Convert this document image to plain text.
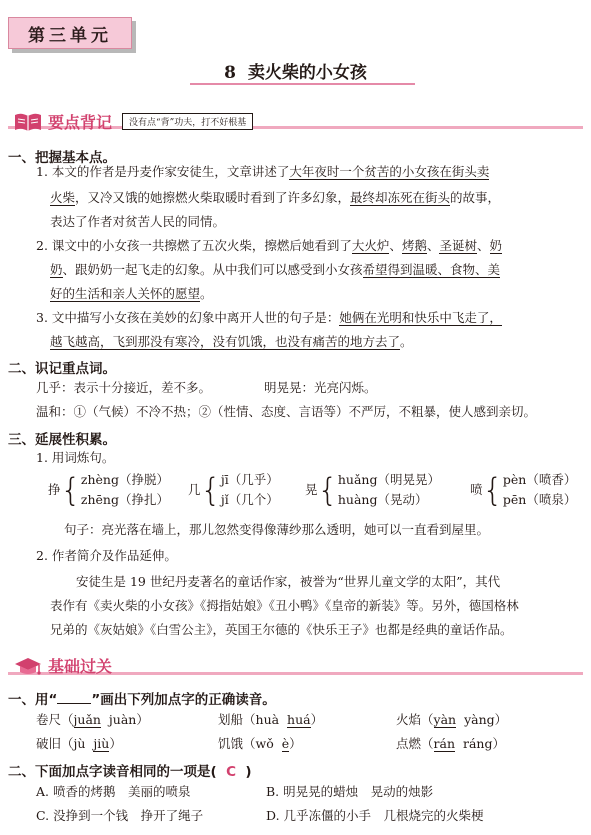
第三单元
8 卖火柴的小女孩
要点背记	没有点“背”功夫，打不好根基
一、把握基本点。
1. 本文的作者是丹麦作家安徒生，文章讲述了大年夜时一个贫苦的小女孩在街头卖
火柴，又冷又饿的她擦燃火柴取暖时看到了许多幻象，最终却冻死在街头的故事，
表达了作者对贫苦人民的同情。
2. 课文中的小女孩一共擦燃了五次火柴，擦燃后她看到了大火炉、烤鹅、圣诞树、奶
奶、跟奶奶一起飞走的幻象。从中我们可以感受到小女孩希望得到温暖、食物、美
好的生活和亲人关怀的愿望。
3. 文中描写小女孩在美妙的幻象中离开人世的句子是：她俩在光明和快乐中飞走了，
越飞越高，飞到那没有寒冷，没有饥饿，也没有痛苦的地方去了。
二、识记重点词。
几乎：表示十分接近，差不多。	明晃晃：光亮闪烁。
温和：①（气候）不冷不热；②（性情、态度、言语等）不严厉，不粗暴，使人感到亲切。
三、延展性积累。
1. 用词炼句。
挣 { zhèng（挣脱）
zhēng（挣扎）
几 { jī（几乎）
jǐ（几个）
晃 { huǎng（明晃晃）
huàng（晃动）
喷 { pèn（喷香）
pēn（喷泉）
句子：亮光落在墙上，那儿忽然变得像薄纱那么透明，她可以一直看到屋里。
2. 作者简介及作品延伸。
安徒生是 19 世纪丹麦著名的童话作家，被誉为“世界儿童文学的太阳”，其代
表作有《卖火柴的小女孩》《拇指姑娘》《丑小鸭》《皇帝的新装》等。另外，德国格林
兄弟的《灰姑娘》《白雪公主》，英国王尔德的《快乐王子》也都是经典的童话作品。
基础过关
一、用“	”画出下列加点字的正确读音。
卷尺（juǎn juàn）	划船（huà huá）	火焰（yàn yàng）
破旧（jù jiù）	饥饿（wǒ è）	点燃（rán ráng）
二、下面加点字读音相同的一项是( C )
A. 喷香的烤鹅　美丽的喷泉	B. 明晃晃的蜡烛　晃动的烛影
C. 没挣到一个钱　挣开了绳子	D. 几乎冻僵的小手　几根烧完的火柴梗
